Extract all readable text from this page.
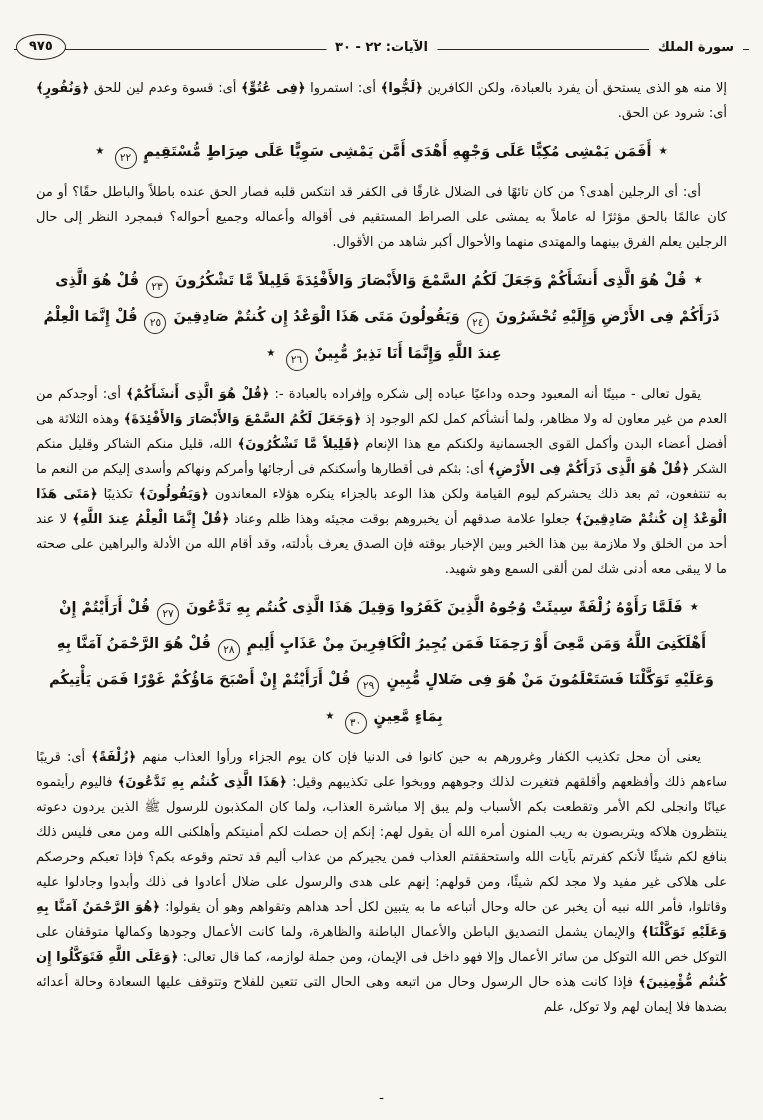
سورة الملك
الآيات: ٢٢ - ٣٠
٩٧٥

إلا منه هو الذى يستحق أن يفرد بالعبادة، ولكن الكافرين ﴿لَجُّوا﴾ أى: استمروا ﴿فِى عُتُوٍّ﴾ أى: قسوة وعدم لين للحق ﴿وَنُفُورٍ﴾ أى: شرود عن الحق.

٭أَفَمَن يَمْشِى مُكِبًّا عَلَى وَجْهِهِ أَهْدَى أَمَّن يَمْشِى سَوِيًّا عَلَى صِرَاطٍ مُّسْتَقِيمٍ٢٢٭

أى: أى الرجلين أهدى؟ من كان تائهًا فى الضلال غارقًا فى الكفر قد انتكس قلبه فصار الحق عنده باطلاً والباطل حقًا؟ أو من كان عالمًا بالحق مؤثرًا له عاملاً به يمشى على الصراط المستقيم فى أقواله وأعماله وجميع أحواله؟ فبمجرد النظر إلى حال الرجلين يعلم الفرق بينهما والمهتدى منهما والأحوال أكبر شاهد من الأقوال.

٭قُلْ هُوَ الَّذِى أَنشَأَكُمْ وَجَعَلَ لَكُمُ السَّمْعَ وَالأَبْصَارَ وَالأَفْئِدَةَ قَلِيلاً مَّا تَشْكُرُونَ٢٣قُلْ هُوَ الَّذِى ذَرَأَكُمْ فِى الأَرْضِ وَإِلَيْهِ تُحْشَرُونَ٢٤وَيَقُولُونَ مَتَى هَذَا الْوَعْدُ إِن كُنتُمْ صَادِقِينَ٢٥قُلْ إِنَّمَا الْعِلْمُ عِندَ اللَّهِ وَإِنَّمَا أَنَا نَذِيرٌ مُّبِينٌ٢٦٭

يقول تعالى - مبينًا أنه المعبود وحده وداعيًا عباده إلى شكره وإفراده بالعبادة -: ﴿قُلْ هُوَ الَّذِى أَنشَأَكُمْ﴾ أى: أوجدكم من العدم من غير معاون له ولا مظاهر، ولما أنشأكم كمل لكم الوجود إذ ﴿وَجَعَلَ لَكُمُ السَّمْعَ وَالأَبْصَارَ وَالأَفْئِدَةَ﴾ وهذه الثلاثة هى أفضل أعضاء البدن وأكمل القوى الجسمانية ولكنكم مع هذا الإنعام ﴿قَلِيلاً مَّا تَشْكُرُونَ﴾ الله، قليل منكم الشاكر وقليل منكم الشكر ﴿قُلْ هُوَ الَّذِى ذَرَأَكُمْ فِى الأَرْضِ﴾ أى: بثكم فى أقطارها وأسكنكم فى أرجائها وأمركم ونهاكم وأسدى إليكم من النعم ما به تنتفعون، ثم بعد ذلك يحشركم ليوم القيامة ولكن هذا الوعد بالجزاء ينكره هؤلاء المعاندون ﴿وَيَقُولُونَ﴾ تكذيبًا ﴿مَتَى هَذَا الْوَعْدُ إِن كُنتُمْ صَادِقِينَ﴾ جعلوا علامة صدقهم أن يخبروهم بوقت مجيئه وهذا ظلم وعناد ﴿قُلْ إِنَّمَا الْعِلْمُ عِندَ اللَّهِ﴾ لا عند أحد من الخلق ولا ملازمة بين هذا الخبر وبين الإخبار بوقته فإن الصدق يعرف بأدلته، وقد أقام الله من الأدلة والبراهين على صحته ما لا يبقى معه أدنى شك لمن ألقى السمع وهو شهيد.

٭فَلَمَّا رَأَوْهُ زُلْفَةً سِيئَتْ وُجُوهُ الَّذِينَ كَفَرُوا وَقِيلَ هَذَا الَّذِى كُنتُم بِهِ تَدَّعُونَ٢٧قُلْ أَرَأَيْتُمْ إِنْ أَهْلَكَنِىَ اللَّهُ وَمَن مَّعِىَ أَوْ رَحِمَنَا فَمَن يُجِيرُ الْكَافِرِينَ مِنْ عَذَابٍ أَلِيمٍ٢٨قُلْ هُوَ الرَّحْمَنُ آمَنَّا بِهِ وَعَلَيْهِ تَوَكَّلْنَا فَسَتَعْلَمُونَ مَنْ هُوَ فِى ضَلالٍ مُّبِينٍ٢٩قُلْ أَرَأَيْتُمْ إِنْ أَصْبَحَ مَاؤُكُمْ غَوْرًا فَمَن يَأْتِيكُم بِمَاءٍ مَّعِينٍ٣٠٭

يعنى أن محل تكذيب الكفار وغرورهم به حين كانوا فى الدنيا فإن كان يوم الجزاء ورأوا العذاب منهم ﴿زُلْفَةً﴾ أى: قريبًا ساءهم ذلك وأفظعهم وأقلقهم فتغيرت لذلك وجوههم ووبخوا على تكذيبهم وقيل: ﴿هَذَا الَّذِى كُنتُم بِهِ تَدَّعُونَ﴾ فاليوم رأيتموه عيانًا وانجلى لكم الأمر وتقطعت بكم الأسباب ولم يبق إلا مباشرة العذاب، ولما كان المكذبون للرسول ﷺ الذين يردون دعوته ينتظرون هلاكه ويتربصون به ريب المنون أمره الله أن يقول لهم: إنكم إن حصلت لكم أمنيتكم وأهلكنى الله ومن معى فليس ذلك بنافع لكم شيئًا لأنكم كفرتم بآيات الله واستحققتم العذاب فمن يجيركم من عذاب أليم قد تحتم وقوعه بكم؟ فإذا تعبكم وحرصكم على هلاكى غير مفيد ولا مجد لكم شيئًا، ومن قولهم: إنهم على هدى والرسول على ضلال أعادوا فى ذلك وأبدوا وجادلوا عليه وقاتلوا، فأمر الله نبيه أن يخبر عن حاله وحال أتباعه ما به يتبين لكل أحد هداهم وتقواهم وهو أن يقولوا: ﴿هُوَ الرَّحْمَنُ آمَنَّا بِهِ وَعَلَيْهِ تَوَكَّلْنَا﴾ والإيمان يشمل التصديق الباطن والأعمال الباطنة والظاهرة، ولما كانت الأعمال وجودها وكمالها متوقفان على التوكل خص الله التوكل من سائر الأعمال وإلا فهو داخل فى الإيمان، ومن جملة لوازمه، كما قال تعالى: ﴿وَعَلَى اللَّهِ فَتَوَكَّلُوا إِن كُنتُم مُّؤْمِنِينَ﴾ فإذا كانت هذه حال الرسول وحال من اتبعه وهى الحال التى تتعين للفلاح وتتوقف عليها السعادة وحالة أعدائه بضدها فلا إيمان لهم ولا توكل، علم

ـ
